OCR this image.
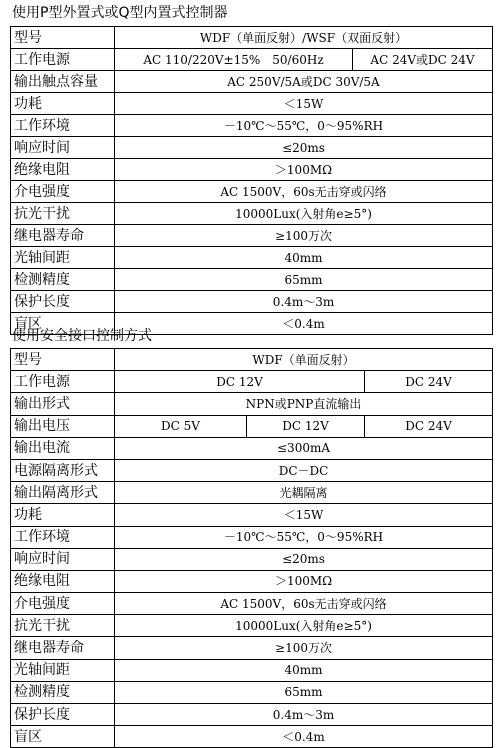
使用P型外置式或Q型内置式控制器
型号	WDF（单面反射）/WSF（双面反射）	
工作电源	AC 110/220V±15%　50/60Hz	AC 24V或DC 24V
输出触点容量	AC 250V/5A或DC 30V/5A	
功耗	＜15W	
工作环境	－10℃～55℃，0～95%RH	
响应时间	≤20ms	
绝缘电阻	＞100MΩ	
介电强度	AC 1500V，60s无击穿或闪络	
抗光干扰	10000Lux(入射角e≥5°)	
继电器寿命	≥100万次	
光轴间距	40mm	
检测精度	65mm	
保护长度	0.4m～3m	
盲区	＜0.4m	
使用安全接口控制方式
型号	WDF（单面反射）		
工作电源	DC 12V		DC 24V
输出形式	NPN或PNP直流输出		
输出电压	DC 5V	DC 12V	DC 24V
输出电流	≤300mA		
电源隔离形式	DC－DC		
输出隔离形式	光耦隔离		
功耗	＜15W		
工作环境	－10℃～55℃，0～95%RH		
响应时间	≤20ms		
绝缘电阻	＞100MΩ		
介电强度	AC 1500V，60s无击穿或闪络		
抗光干扰	10000Lux(入射角e≥5°)		
继电器寿命	≥100万次		
光轴间距	40mm		
检测精度	65mm		
保护长度	0.4m～3m		
盲区	＜0.4m		
